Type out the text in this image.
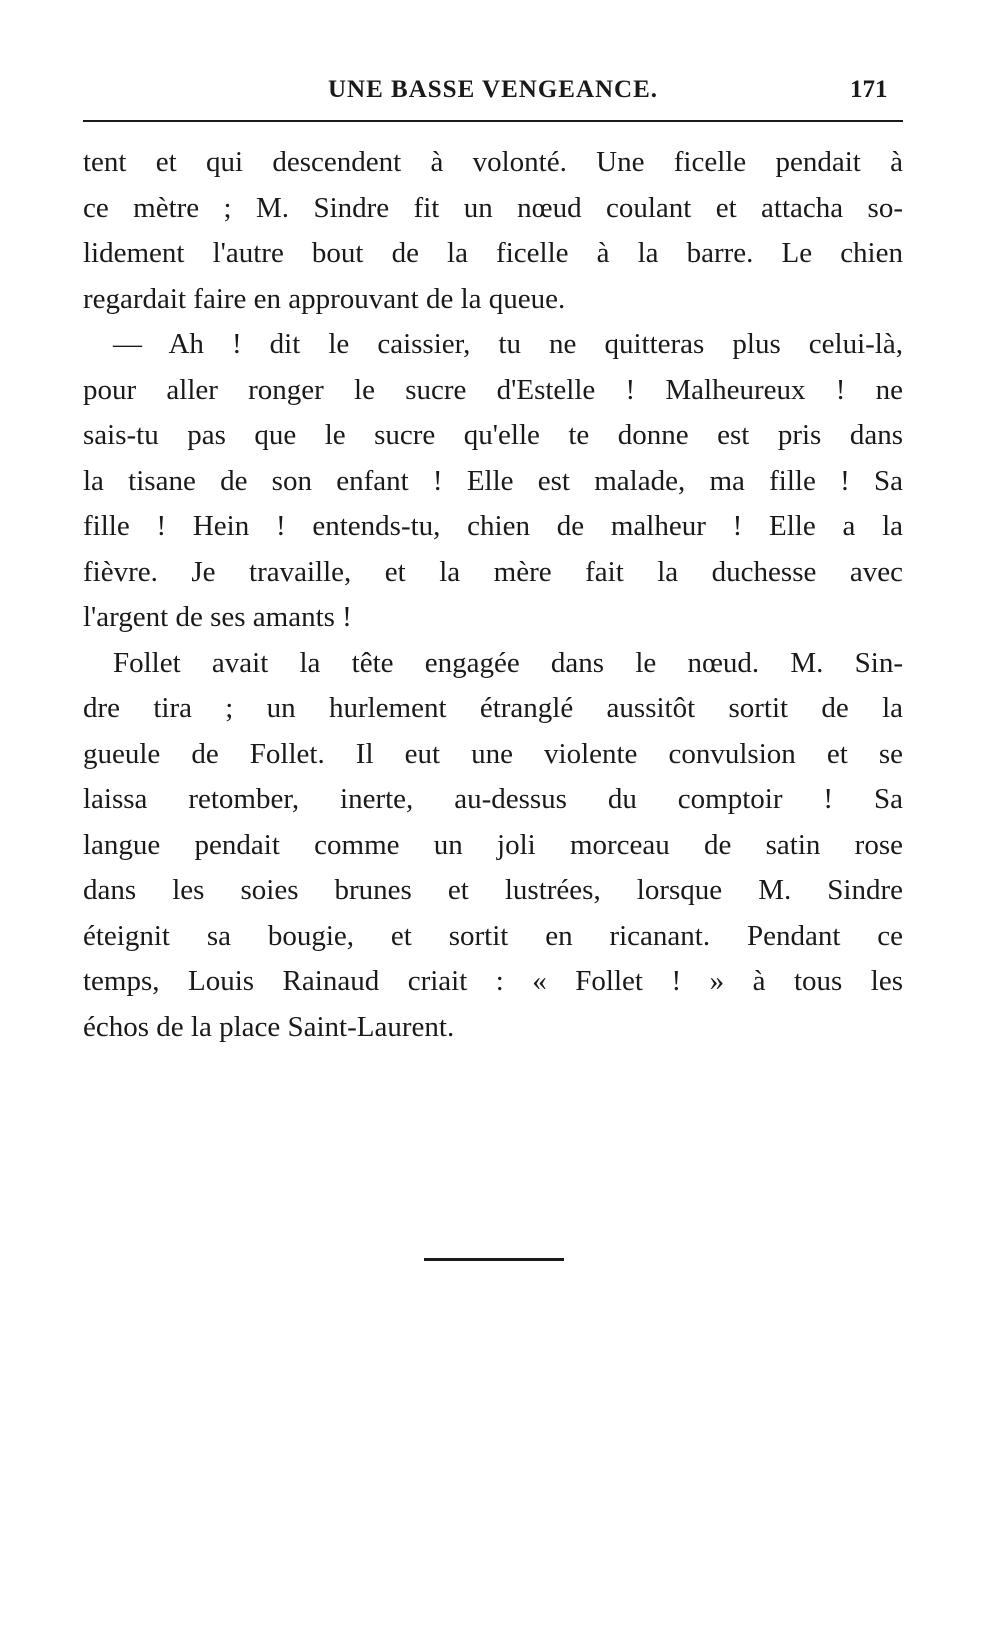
UNE BASSE VENGEANCE.	171
tent et qui descendent à volonté. Une ficelle pendait à
ce mètre ; M. Sindre fit un nœud coulant et attacha so-
lidement l'autre bout de la ficelle à la barre. Le chien
regardait faire en approuvant de la queue.
— Ah ! dit le caissier, tu ne quitteras plus celui-là,
pour aller ronger le sucre d'Estelle ! Malheureux ! ne
sais-tu pas que le sucre qu'elle te donne est pris dans
la tisane de son enfant ! Elle est malade, ma fille ! Sa
fille ! Hein ! entends-tu, chien de malheur ! Elle a la
fièvre. Je travaille, et la mère fait la duchesse avec
l'argent de ses amants !
Follet avait la tête engagée dans le nœud. M. Sin-
dre tira ; un hurlement étranglé aussitôt sortit de la
gueule de Follet. Il eut une violente convulsion et se
laissa retomber, inerte, au-dessus du comptoir ! Sa
langue pendait comme un joli morceau de satin rose
dans les soies brunes et lustrées, lorsque M. Sindre
éteignit sa bougie, et sortit en ricanant. Pendant ce
temps, Louis Rainaud criait : « Follet ! » à tous les
échos de la place Saint-Laurent.
